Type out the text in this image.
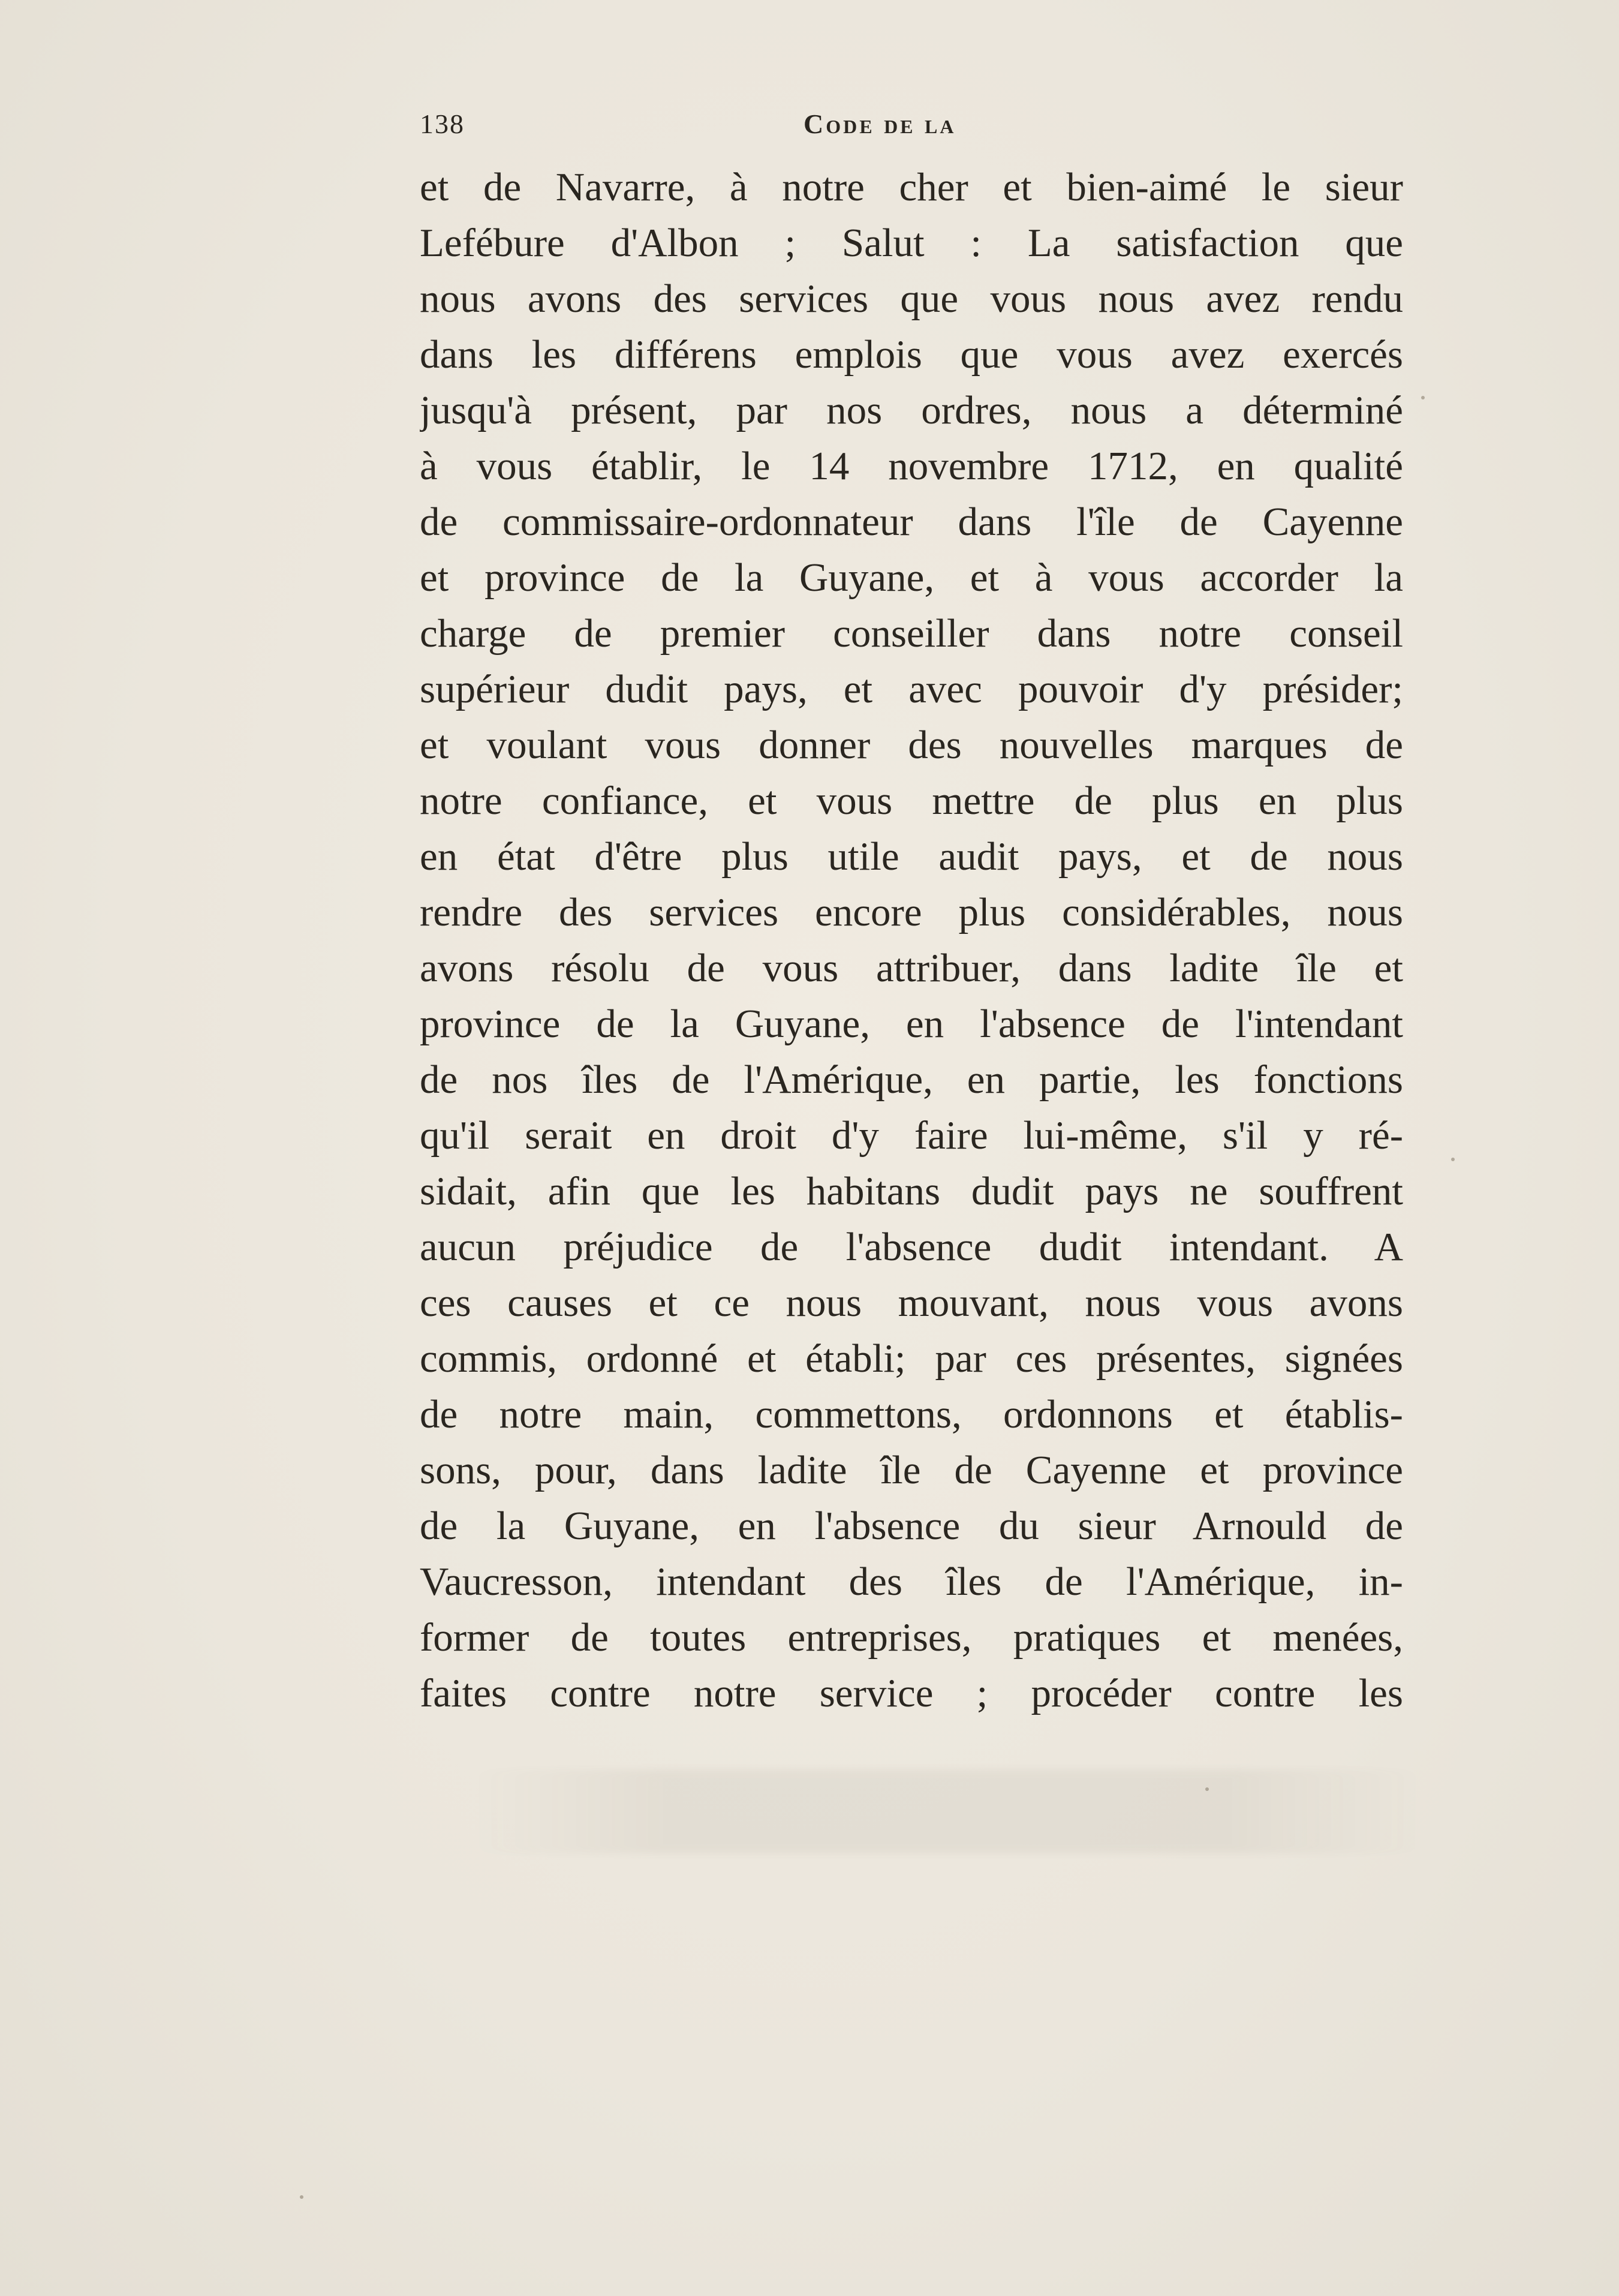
138	Code de la
et de Navarre, à notre cher et bien-aimé le sieur
Lefébure d'Albon ; Salut : La satisfaction que
nous avons des services que vous nous avez rendu
dans les différens emplois que vous avez exercés
jusqu'à présent, par nos ordres, nous a déterminé
à vous établir, le 14 novembre 1712, en qualité
de commissaire-ordonnateur dans l'île de Cayenne
et province de la Guyane, et à vous accorder la
charge de premier conseiller dans notre conseil
supérieur dudit pays, et avec pouvoir d'y présider;
et voulant vous donner des nouvelles marques de
notre confiance, et vous mettre de plus en plus
en état d'être plus utile audit pays, et de nous
rendre des services encore plus considérables, nous
avons résolu de vous attribuer, dans ladite île et
province de la Guyane, en l'absence de l'intendant
de nos îles de l'Amérique, en partie, les fonctions
qu'il serait en droit d'y faire lui-même, s'il y ré-
sidait, afin que les habitans dudit pays ne souffrent
aucun préjudice de l'absence dudit intendant. A
ces causes et ce nous mouvant, nous vous avons
commis, ordonné et établi; par ces présentes, signées
de notre main, commettons, ordonnons et établis-
sons, pour, dans ladite île de Cayenne et province
de la Guyane, en l'absence du sieur Arnould de
Vaucresson, intendant des îles de l'Amérique, in-
former de toutes entreprises, pratiques et menées,
faites contre notre service ; procéder contre les
